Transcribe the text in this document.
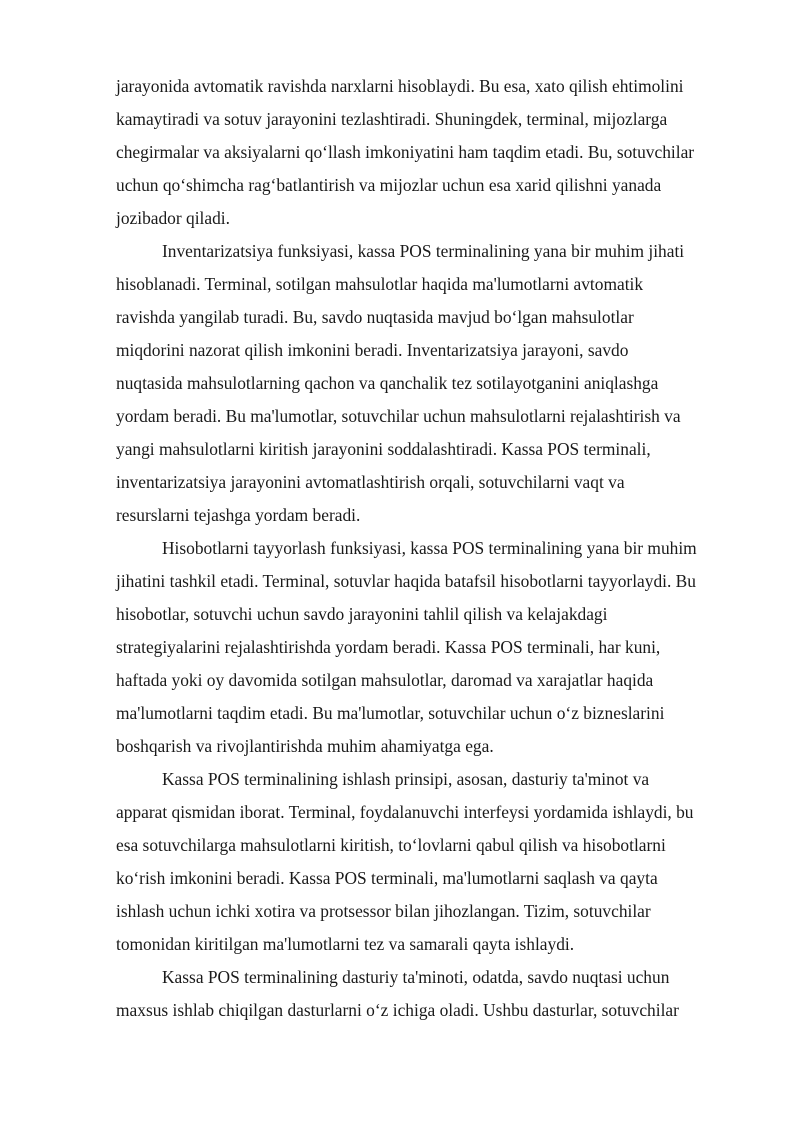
jarayonida avtomatik ravishda narxlarni hisoblaydi. Bu esa, xato qilish ehtimolini
kamaytiradi va sotuv jarayonini tezlashtiradi. Shuningdek, terminal, mijozlarga
chegirmalar va aksiyalarni qo‘llash imkoniyatini ham taqdim etadi. Bu, sotuvchilar
uchun qo‘shimcha rag‘batlantirish va mijozlar uchun esa xarid qilishni yanada
jozibador qiladi.

Inventarizatsiya funksiyasi, kassa POS terminalining yana bir muhim jihati
hisoblanadi. Terminal, sotilgan mahsulotlar haqida ma'lumotlarni avtomatik
ravishda yangilab turadi. Bu, savdo nuqtasida mavjud bo‘lgan mahsulotlar
miqdorini nazorat qilish imkonini beradi. Inventarizatsiya jarayoni, savdo
nuqtasida mahsulotlarning qachon va qanchalik tez sotilayotganini aniqlashga
yordam beradi. Bu ma'lumotlar, sotuvchilar uchun mahsulotlarni rejalashtirish va
yangi mahsulotlarni kiritish jarayonini soddalashtiradi. Kassa POS terminali,
inventarizatsiya jarayonini avtomatlashtirish orqali, sotuvchilarni vaqt va
resurslarni tejashga yordam beradi.

Hisobotlarni tayyorlash funksiyasi, kassa POS terminalining yana bir muhim
jihatini tashkil etadi. Terminal, sotuvlar haqida batafsil hisobotlarni tayyorlaydi. Bu
hisobotlar, sotuvchi uchun savdo jarayonini tahlil qilish va kelajakdagi
strategiyalarini rejalashtirishda yordam beradi. Kassa POS terminali, har kuni,
haftada yoki oy davomida sotilgan mahsulotlar, daromad va xarajatlar haqida
ma'lumotlarni taqdim etadi. Bu ma'lumotlar, sotuvchilar uchun o‘z bizneslarini
boshqarish va rivojlantirishda muhim ahamiyatga ega.

Kassa POS terminalining ishlash prinsipi, asosan, dasturiy ta'minot va
apparat qismidan iborat. Terminal, foydalanuvchi interfeysi yordamida ishlaydi, bu
esa sotuvchilarga mahsulotlarni kiritish, to‘lovlarni qabul qilish va hisobotlarni
ko‘rish imkonini beradi. Kassa POS terminali, ma'lumotlarni saqlash va qayta
ishlash uchun ichki xotira va protsessor bilan jihozlangan. Tizim, sotuvchilar
tomonidan kiritilgan ma'lumotlarni tez va samarali qayta ishlaydi.

Kassa POS terminalining dasturiy ta'minoti, odatda, savdo nuqtasi uchun
maxsus ishlab chiqilgan dasturlarni o‘z ichiga oladi. Ushbu dasturlar, sotuvchilar
